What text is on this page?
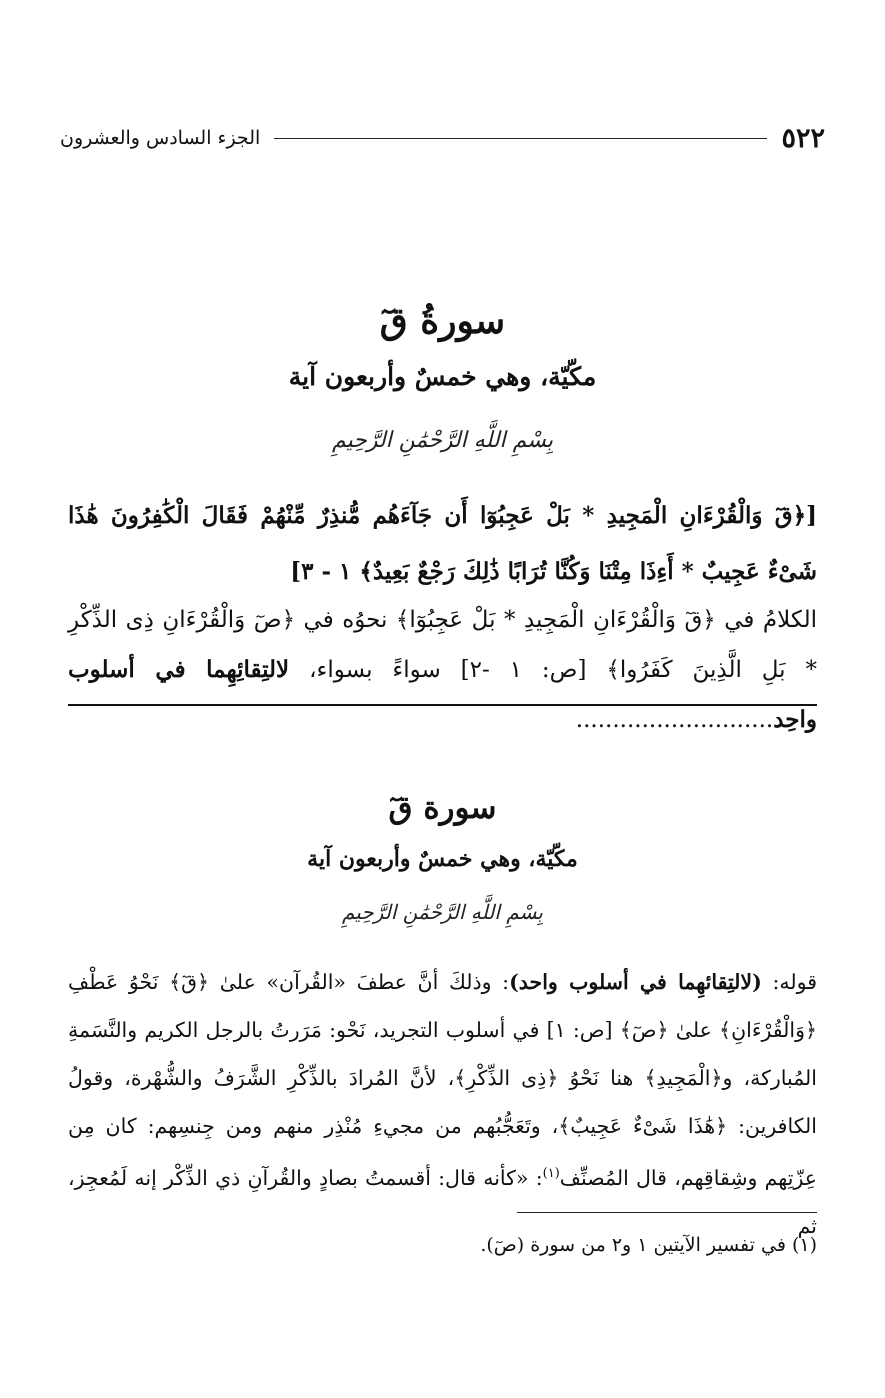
٥٢٢
الجزء السادس والعشرون
سورةُ قٓ
مكّيّة، وهي خمسٌ وأربعون آية
بِسْمِ اللَّهِ الرَّحْمَٰنِ الرَّحِيمِ
[﴿قٓ وَالْقُرْءَانِ الْمَجِيدِ * بَلْ عَجِبُوٓا أَن جَآءَهُم مُّنذِرٌ مِّنْهُمْ فَقَالَ الْكَٰفِرُونَ هَٰذَا شَىْءٌ عَجِيبٌ * أَءِذَا مِتْنَا وَكُنَّا تُرَابًا ذَٰلِكَ رَجْعٌ بَعِيدٌ﴾ ١ - ٣]
الكلامُ في ﴿قٓ وَالْقُرْءَانِ الْمَجِيدِ * بَلْ عَجِبُوٓا﴾ نحوُه في ﴿صٓ وَالْقُرْءَانِ ذِى الذِّكْرِ * بَلِ الَّذِينَ كَفَرُوا﴾ [ص: ١ -٢] سواءً بسواء، لالتِقائِهِما في أسلوب واحِد...........................
سورة قٓ
مكّيّة، وهي خمسٌ وأربعون آية
بِسْمِ اللَّهِ الرَّحْمَٰنِ الرَّحِيمِ
قوله: (لالتِقائهِما في أسلوب واحد): وذلكَ أنَّ عطفَ «القُرآن» علىٰ ﴿قٓ﴾ نَحْوُ عَطْفِ ﴿وَالْقُرْءَانِ﴾ علىٰ ﴿صٓ﴾ [ص: ١] في أسلوب التجريد، نَحْو: مَرَرتُ بالرجل الكريم والنَّسَمةِ المُباركة، و﴿الْمَجِيدِ﴾ هنا نَحْوُ ﴿ذِى الذِّكْرِ﴾، لأنَّ المُرادَ بالذِّكْرِ الشَّرَفُ والشُّهْرة، وقولُ الكافرين: ﴿هَٰذَا شَىْءٌ عَجِيبٌ﴾، وتَعَجُّبُهم من مجيءِ مُنْذِر منهم ومن جِنسِهم: كان مِن عِزّتِهم وشِقاقِهم، قال المُصنِّف$^{(١)}$: «كأنه قال: أقسمتُ بصادٍ والقُرآنِ ذي الذِّكْر إنه لَمُعجِز، ثم
(١) في تفسير الآيتين ١ و٢ من سورة (صٓ).
